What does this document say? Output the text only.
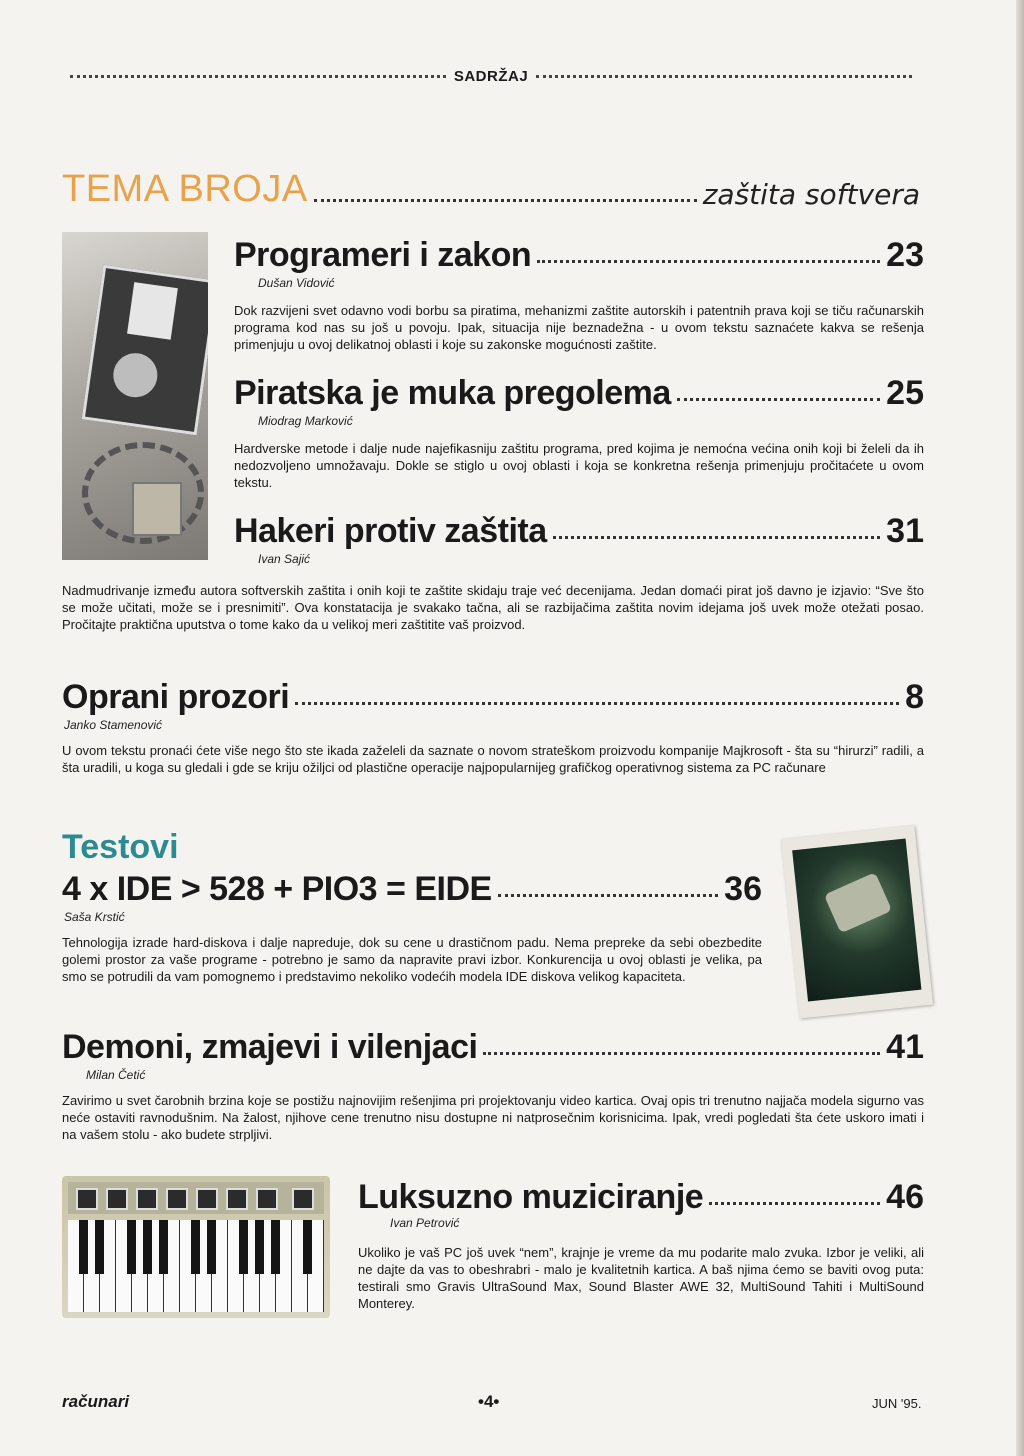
SADRŽAJ
TEMA BROJA	zaštita softvera
Programeri i zakon	23
Dušan Vidović

Dok razvijeni svet odavno vodi borbu sa piratima, mehanizmi zaštite autorskih i patentnih prava koji se tiču računarskih programa kod nas su još u povoju. Ipak, situacija nije beznadežna - u ovom tekstu saznaćete kakva se rešenja primenjuju u ovoj delikatnoj oblasti i koje su zakonske mogućnosti zaštite.

Piratska je muka pregolema	25
Miodrag Marković

Hardverske metode i dalje nude najefikasniju zaštitu programa, pred kojima je nemoćna većina onih koji bi želeli da ih nedozvoljeno umnožavaju. Dokle se stiglo u ovoj oblasti i koja se konkretna rešenja primenjuju pročitaćete u ovom tekstu.

Hakeri protiv zaštita	31
Ivan Sajić

Nadmudrivanje između autora softverskih zaštita i onih koji te zaštite skidaju traje već decenijama. Jedan domaći pirat još davno je izjavio: “Sve što se može učitati, može se i presnimiti”. Ova konstatacija je svakako tačna, ali se razbijačima zaštita novim idejama još uvek može otežati posao. Pročitajte praktična uputstva o tome kako da u velikoj meri zaštitite vaš proizvod.

Oprani prozori	8
Janko Stamenović

U ovom tekstu pronaći ćete više nego što ste ikada zaželeli da saznate o novom strateškom proizvodu kompanije Majkrosoft - šta su “hirurzi” radili, a šta uradili, u koga su gledali i gde se kriju ožiljci od plastične operacije najpopularnijeg grafičkog operativnog sistema za PC računare

Testovi
4 x IDE > 528 + PIO3 = EIDE	36
Saša Krstić

Tehnologija izrade hard-diskova i dalje napreduje, dok su cene u drastičnom padu. Nema prepreke da sebi obezbedite golemi prostor za vaše programe - potrebno je samo da napravite pravi izbor. Konkurencija u ovoj oblasti je velika, pa smo se potrudili da vam pomognemo i predstavimo nekoliko vodećih modela IDE diskova velikog kapaciteta.

Demoni, zmajevi i vilenjaci	41
Milan Četić

Zavirimo u svet čarobnih brzina koje se postižu najnovijim rešenjima pri projektovanju video kartica. Ovaj opis tri trenutno najjača modela sigurno vas neće ostaviti ravnodušnim. Na žalost, njihove cene trenutno nisu dostupne ni natprosečnim korisnicima. Ipak, vredi pogledati šta ćete uskoro imati i na vašem stolu - ako budete strpljivi.

Luksuzno muziciranje	46
Ivan Petrović

Ukoliko je vaš PC još uvek “nem”, krajnje je vreme da mu podarite malo zvuka. Izbor je veliki, ali ne dajte da vas to obeshrabri - malo je kvalitetnih kartica. A baš njima ćemo se baviti ovog puta: testirali smo Gravis UltraSound Max, Sound Blaster AWE 32, MultiSound Tahiti i MultiSound Monterey.

računari	•4•	JUN '95.
